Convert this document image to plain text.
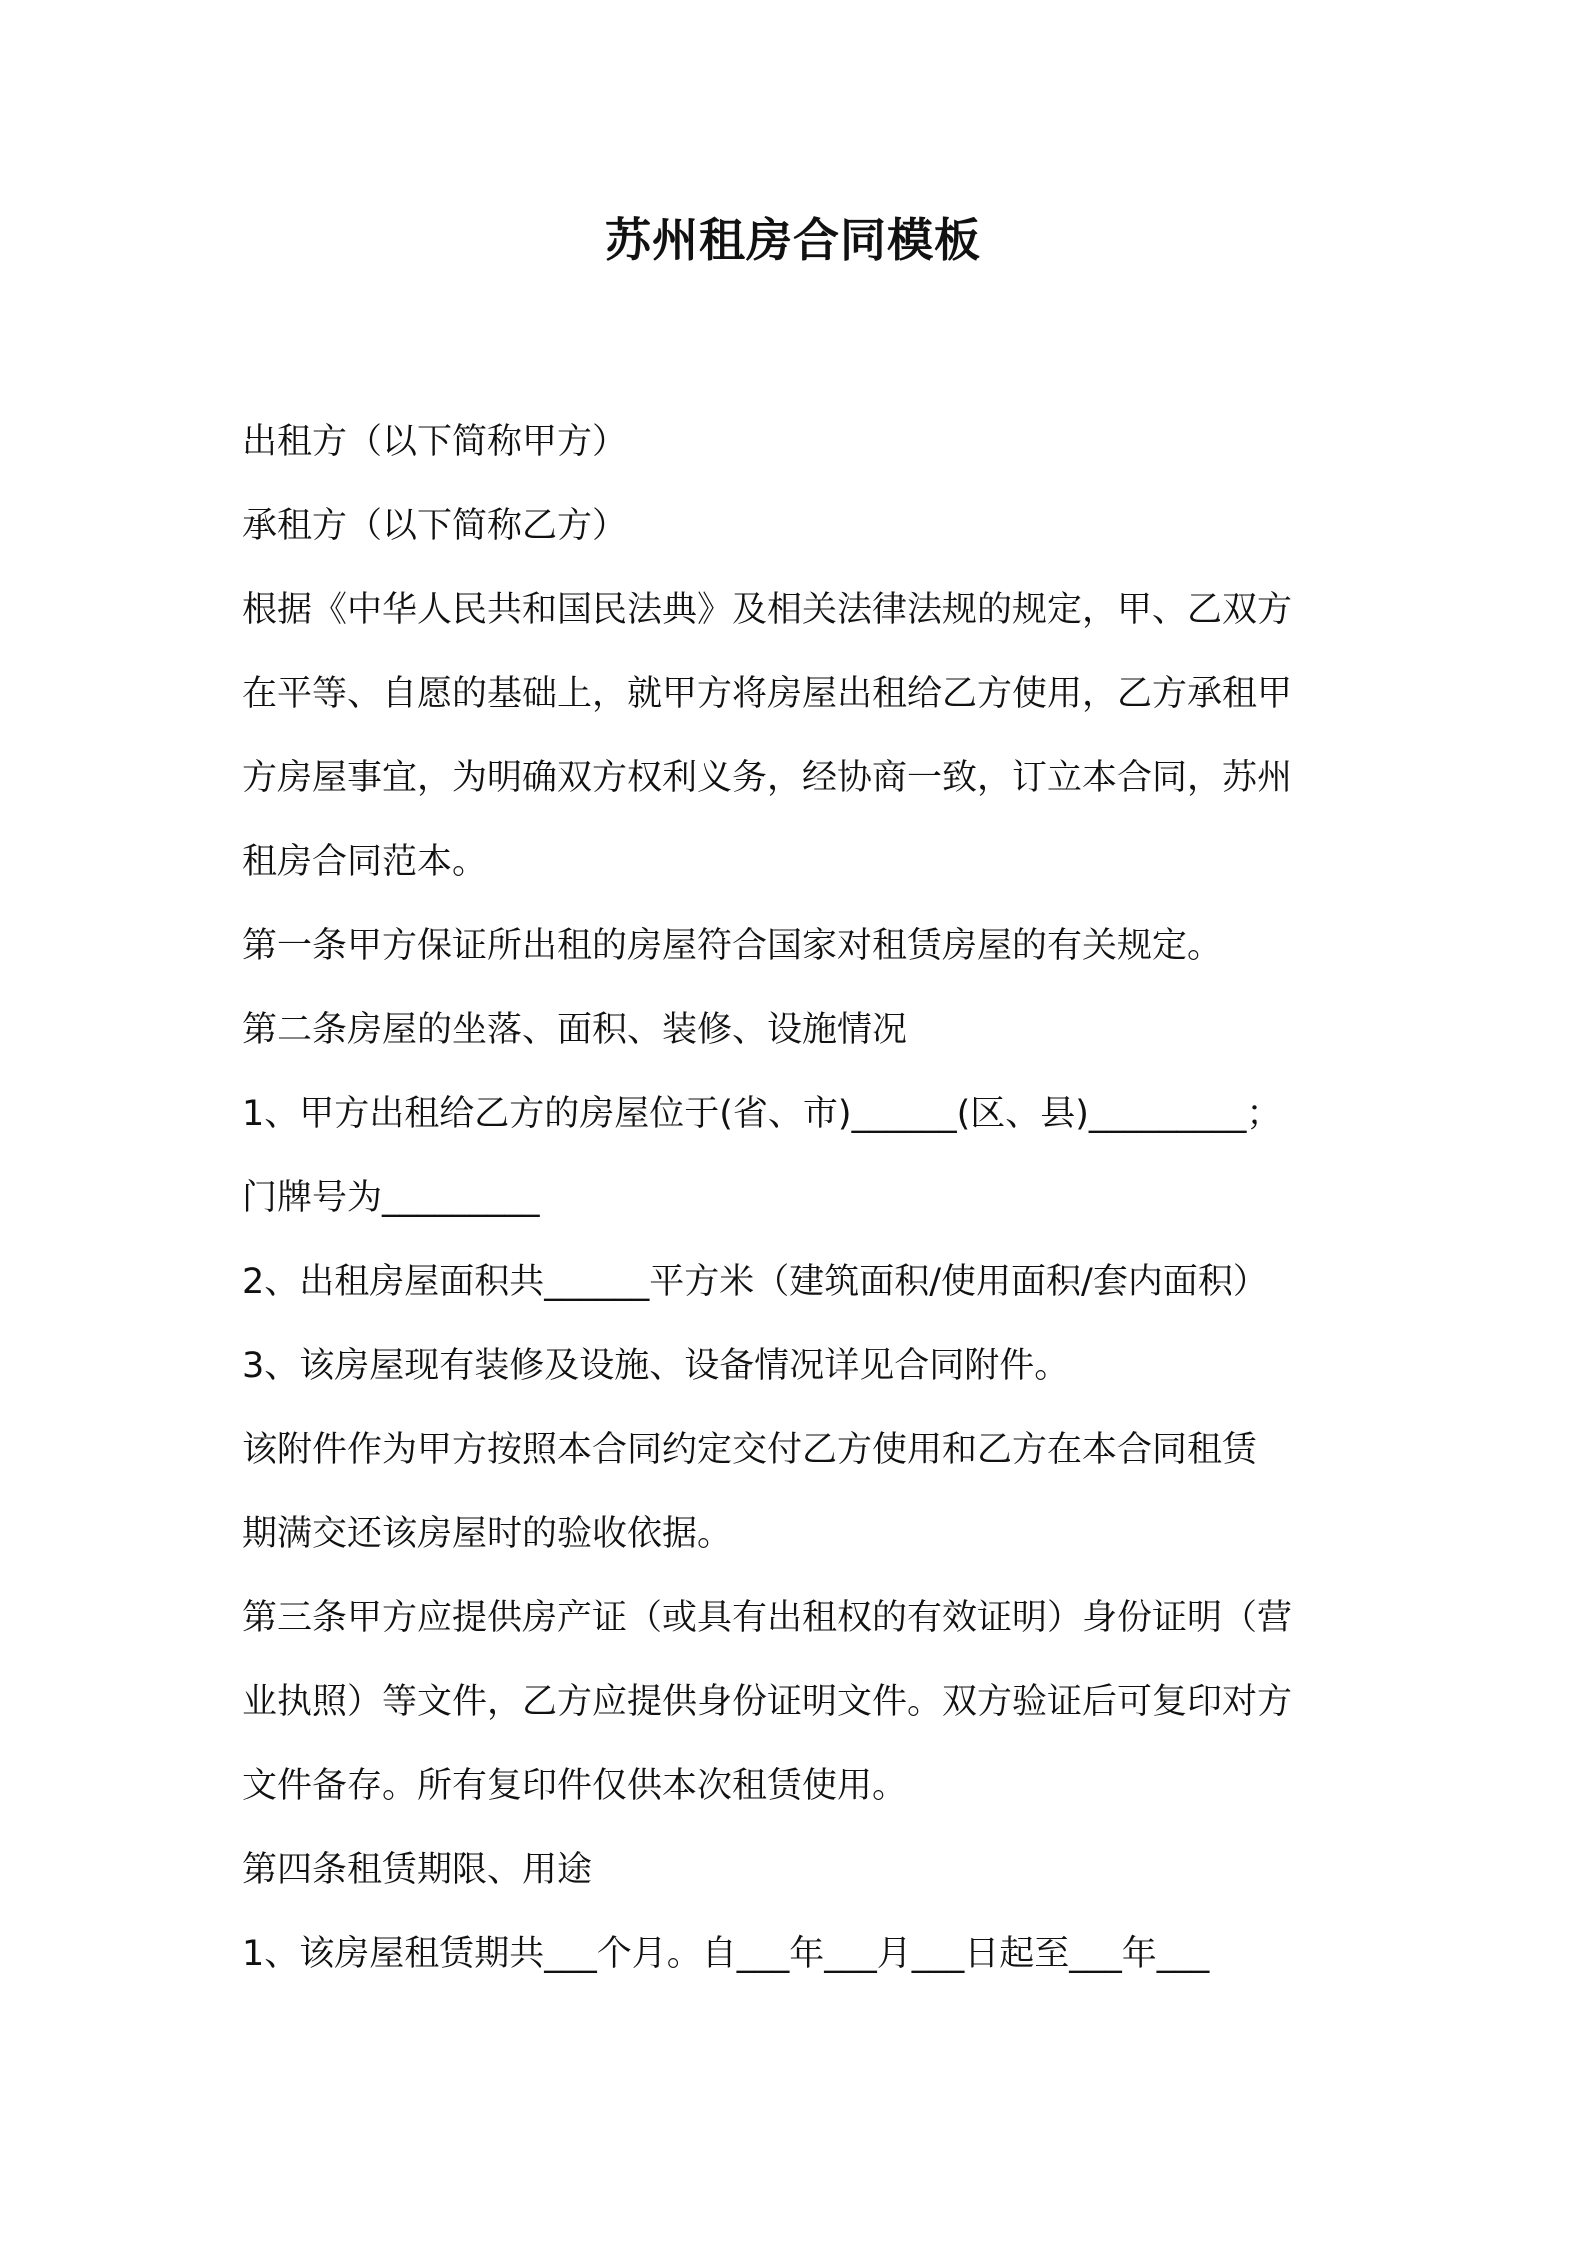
苏州租房合同模板

出租方（以下简称甲方）

承租方（以下简称乙方）

根据《中华人民共和国民法典》及相关法律法规的规定，甲、乙双方

在平等、自愿的基础上，就甲方将房屋出租给乙方使用，乙方承租甲

方房屋事宜，为明确双方权利义务，经协商一致，订立本合同，苏州

租房合同范本。

第一条甲方保证所出租的房屋符合国家对租赁房屋的有关规定。

第二条房屋的坐落、面积、装修、设施情况

1、甲方出租给乙方的房屋位于(省、市)______(区、县)_________；

门牌号为_________

2、出租房屋面积共______平方米（建筑面积/使用面积/套内面积）

3、该房屋现有装修及设施、设备情况详见合同附件。

该附件作为甲方按照本合同约定交付乙方使用和乙方在本合同租赁

期满交还该房屋时的验收依据。

第三条甲方应提供房产证（或具有出租权的有效证明）身份证明（营

业执照）等文件，乙方应提供身份证明文件。双方验证后可复印对方

文件备存。所有复印件仅供本次租赁使用。

第四条租赁期限、用途

1、该房屋租赁期共___个月。自___年___月___日起至___年___
